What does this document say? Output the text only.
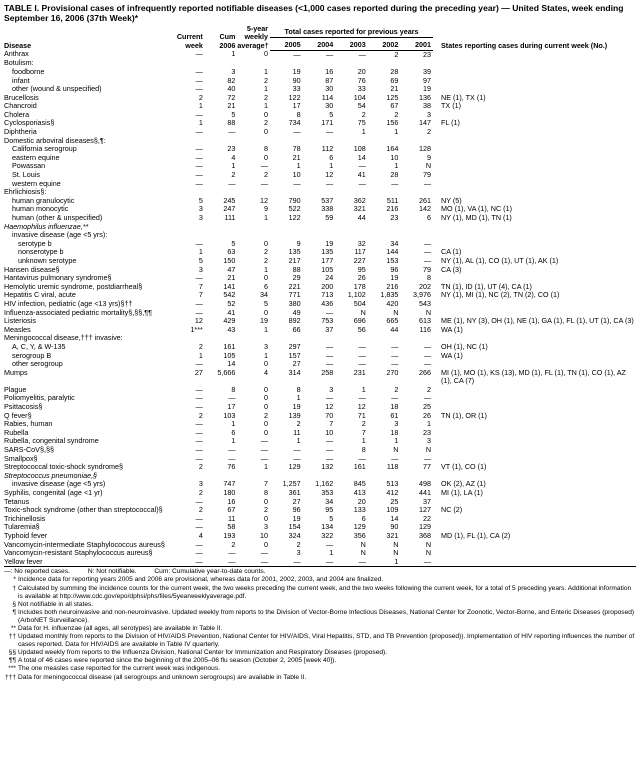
TABLE I. Provisional cases of infrequently reported notifiable diseases (<1,000 cases reported during the preceding year) — United States, week ending September 16, 2006 (37th Week)*
Disease	Current week	Cum 2006	5-year weekly average†	Total cases reported for previous years					States reporting cases during current week (No.)
				2005	2004	2003	2002	2001	
Anthrax	—	1	0	—	—	—	2	23	
Botulism:									
foodborne	—	3	1	19	16	20	28	39	
infant	—	82	2	90	87	76	69	97	
other (wound & unspecified)	—	40	1	33	30	33	21	19	
Brucellosis	2	72	2	122	114	104	125	136	NE (1), TX (1)
Chancroid	1	21	1	17	30	54	67	38	TX (1)
Cholera	—	5	0	8	5	2	2	3	
Cyclosporiasis§	1	88	2	734	171	75	156	147	FL (1)
Diphtheria	—	—	0	—	—	1	1	2	
Domestic arboviral diseases§,¶:									
California serogroup	—	23	8	78	112	108	164	128	
eastern equine	—	4	0	21	6	14	10	9	
Powassan	—	1	—	1	1	—	1	N	
St. Louis	—	2	2	10	12	41	28	79	
western equine	—	—	—	—	—	—	—	—	
Ehrlichiosis§:									
human granulocytic	5	245	12	790	537	362	511	261	NY (5)
human monocytic	3	247	9	522	338	321	216	142	MO (1), VA (1), NC (1)
human (other & unspecified)	3	111	1	122	59	44	23	6	NY (1), MD (1), TN (1)
Haemophilus influenzae,**									
invasive disease (age <5 yrs):									
serotype b	—	5	0	9	19	32	34	—	
nonserotype b	1	63	2	135	135	117	144	—	CA (1)
unknown serotype	5	150	2	217	177	227	153	—	NY (1), AL (1), CO (1), UT (1), AK (1)
Hansen disease§	3	47	1	88	105	95	96	79	CA (3)
Hantavirus pulmonary syndrome§	—	21	0	29	24	26	19	8	
Hemolytic uremic syndrome, postdiarrheal§	7	141	6	221	200	178	216	202	TN (1), ID (1), UT (4), CA (1)
Hepatitis C viral, acute	7	542	34	771	713	1,102	1,835	3,976	NY (1), MI (1), NC (2), TN (2), CO (1)
HIV infection, pediatric (age <13 yrs)§††	—	52	5	380	436	504	420	543	
Influenza-associated pediatric mortality§,§§,¶¶	—	41	0	49	—	N	N	N	
Listeriosis	12	429	19	892	753	696	665	613	ME (1), NY (3), OH (1), NE (1), GA (1), FL (1), UT (1), CA (3)
Measles	1***	43	1	66	37	56	44	116	WA (1)
Meningococcal disease,††† invasive:									
A, C, Y, & W-135	2	161	3	297	—	—	—	—	OH (1), NC (1)
serogroup B	1	105	1	157	—	—	—	—	WA (1)
other serogroup	—	14	0	27	—	—	—	—	
Mumps	27	5,666	4	314	258	231	270	266	MI (1), MO (1), KS (13), MD (1), FL (1), TN (1), CO (1), AZ (1), CA (7)
Plague	—	8	0	8	3	1	2	2	
Poliomyelitis, paralytic	—	—	0	1	—	—	—	—	
Psittacosis§	—	17	0	19	12	12	18	25	
Q fever§	2	103	2	139	70	71	61	26	TN (1), OR (1)
Rabies, human	—	1	0	2	7	2	3	1	
Rubella	—	6	0	11	10	7	18	23	
Rubella, congenital syndrome	—	1	—	1	—	1	1	3	
SARS-CoV§,§§	—	—	—	—	—	8	N	N	
Smallpox§	—	—	—	—	—	—	—	—	
Streptococcal toxic-shock syndrome§	2	76	1	129	132	161	118	77	VT (1), CO (1)
Streptococcus pneumoniae,§									
invasive disease (age <5 yrs)	3	747	7	1,257	1,162	845	513	498	OK (2), AZ (1)
Syphilis, congenital (age <1 yr)	2	180	8	361	353	413	412	441	MI (1), LA (1)
Tetanus	—	16	0	27	34	20	25	37	
Toxic-shock syndrome (other than streptococcal)§	2	67	2	96	95	133	109	127	NC (2)
Trichinellosis	—	11	0	19	5	6	14	22	
Tularemia§	—	58	3	154	134	129	90	129	
Typhoid fever	4	193	10	324	322	356	321	368	MD (1), FL (1), CA (2)
Vancomycin-intermediate Staphylococcus aureus§	—	2	0	2	—	N	N	N	
Vancomycin-resistant Staphylococcus aureus§	—	—	—	3	1	N	N	N	
Yellow fever	—	—	—	—	—	—	1	—	
—: No reported cases.	N: Not notifiable.	Cum: Cumulative year-to-date counts.
* Incidence data for reporting years 2005 and 2006 are provisional, whereas data for 2001, 2002, 2003, and 2004 are finalized.
† Calculated by summing the incidence counts for the current week, the two weeks preceding the current week, and the two weeks following the current week, for a total of 5 preceding years. Additional information is available at http://www.cdc.gov/epo/dphsi/phs/files/5yearweeklyaverage.pdf.
§ Not notifiable in all states.
¶ Includes both neuroinvasive and non-neuroinvasive. Updated weekly from reports to the Division of Vector-Borne Infectious Diseases, National Center for Zoonotic, Vector-Borne, and Enteric Diseases (proposed) (ArboNET Surveillance).
** Data for H. influenzae (all ages, all serotypes) are available in Table II.
†† Updated monthly from reports to the Division of HIV/AIDS Prevention, National Center for HIV/AIDS, Viral Hepatitis, STD, and TB Prevention (proposed)). Implementation of HIV reporting influences the number of cases reported. Data for HIV/AIDS are available in Table IV quarterly.
§§ Updated weekly from reports to the Influenza Division, National Center for Immunization and Respiratory Diseases (proposed).
¶¶ A total of 46 cases were reported since the beginning of the 2005–06 flu season (October 2, 2005 [week 40]).
*** The one measles case reported for the current week was indigenous.
††† Data for meningococcal disease (all serogroups and unknown serogroups) are available in Table II.
